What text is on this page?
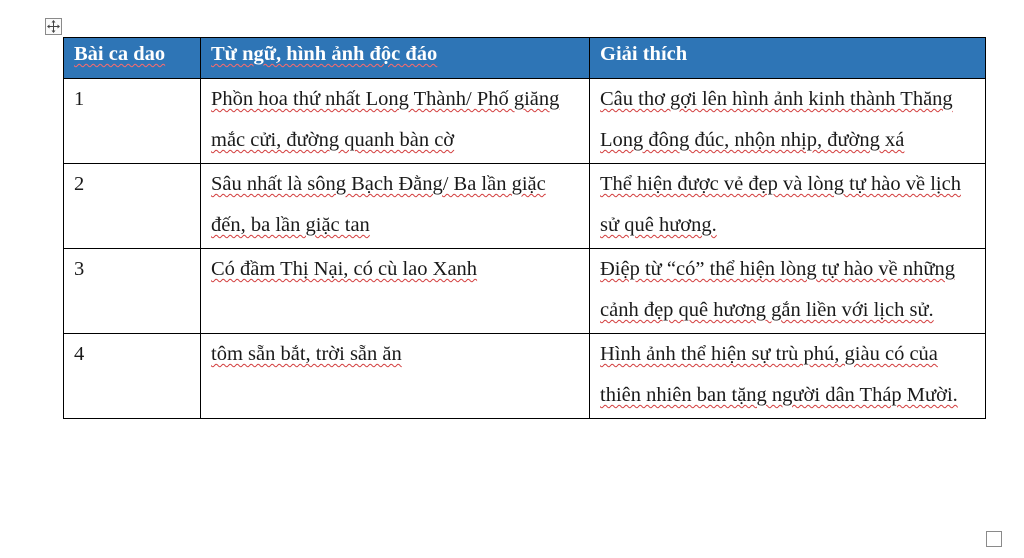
Bài ca dao	Từ ngữ, hình ảnh độc đáo	Giải thích
1	Phồn hoa thứ nhất Long Thành/ Phố giăng mắc cửi, đường quanh bàn cờ	Câu thơ gợi lên hình ảnh kinh thành Thăng Long đông đúc, nhộn nhịp, đường xá
2	Sâu nhất là sông Bạch Đằng/ Ba lần giặc đến, ba lần giặc tan	Thể hiện được vẻ đẹp và lòng tự hào về lịch sử quê hương.
3	Có đầm Thị Nại, có cù lao Xanh	Điệp từ “có” thể hiện lòng tự hào về những cảnh đẹp quê hương gắn liền với lịch sử.
4	tôm sẵn bắt, trời sẵn ăn	Hình ảnh thể hiện sự trù phú, giàu có của thiên nhiên ban tặng người dân Tháp Mười.
